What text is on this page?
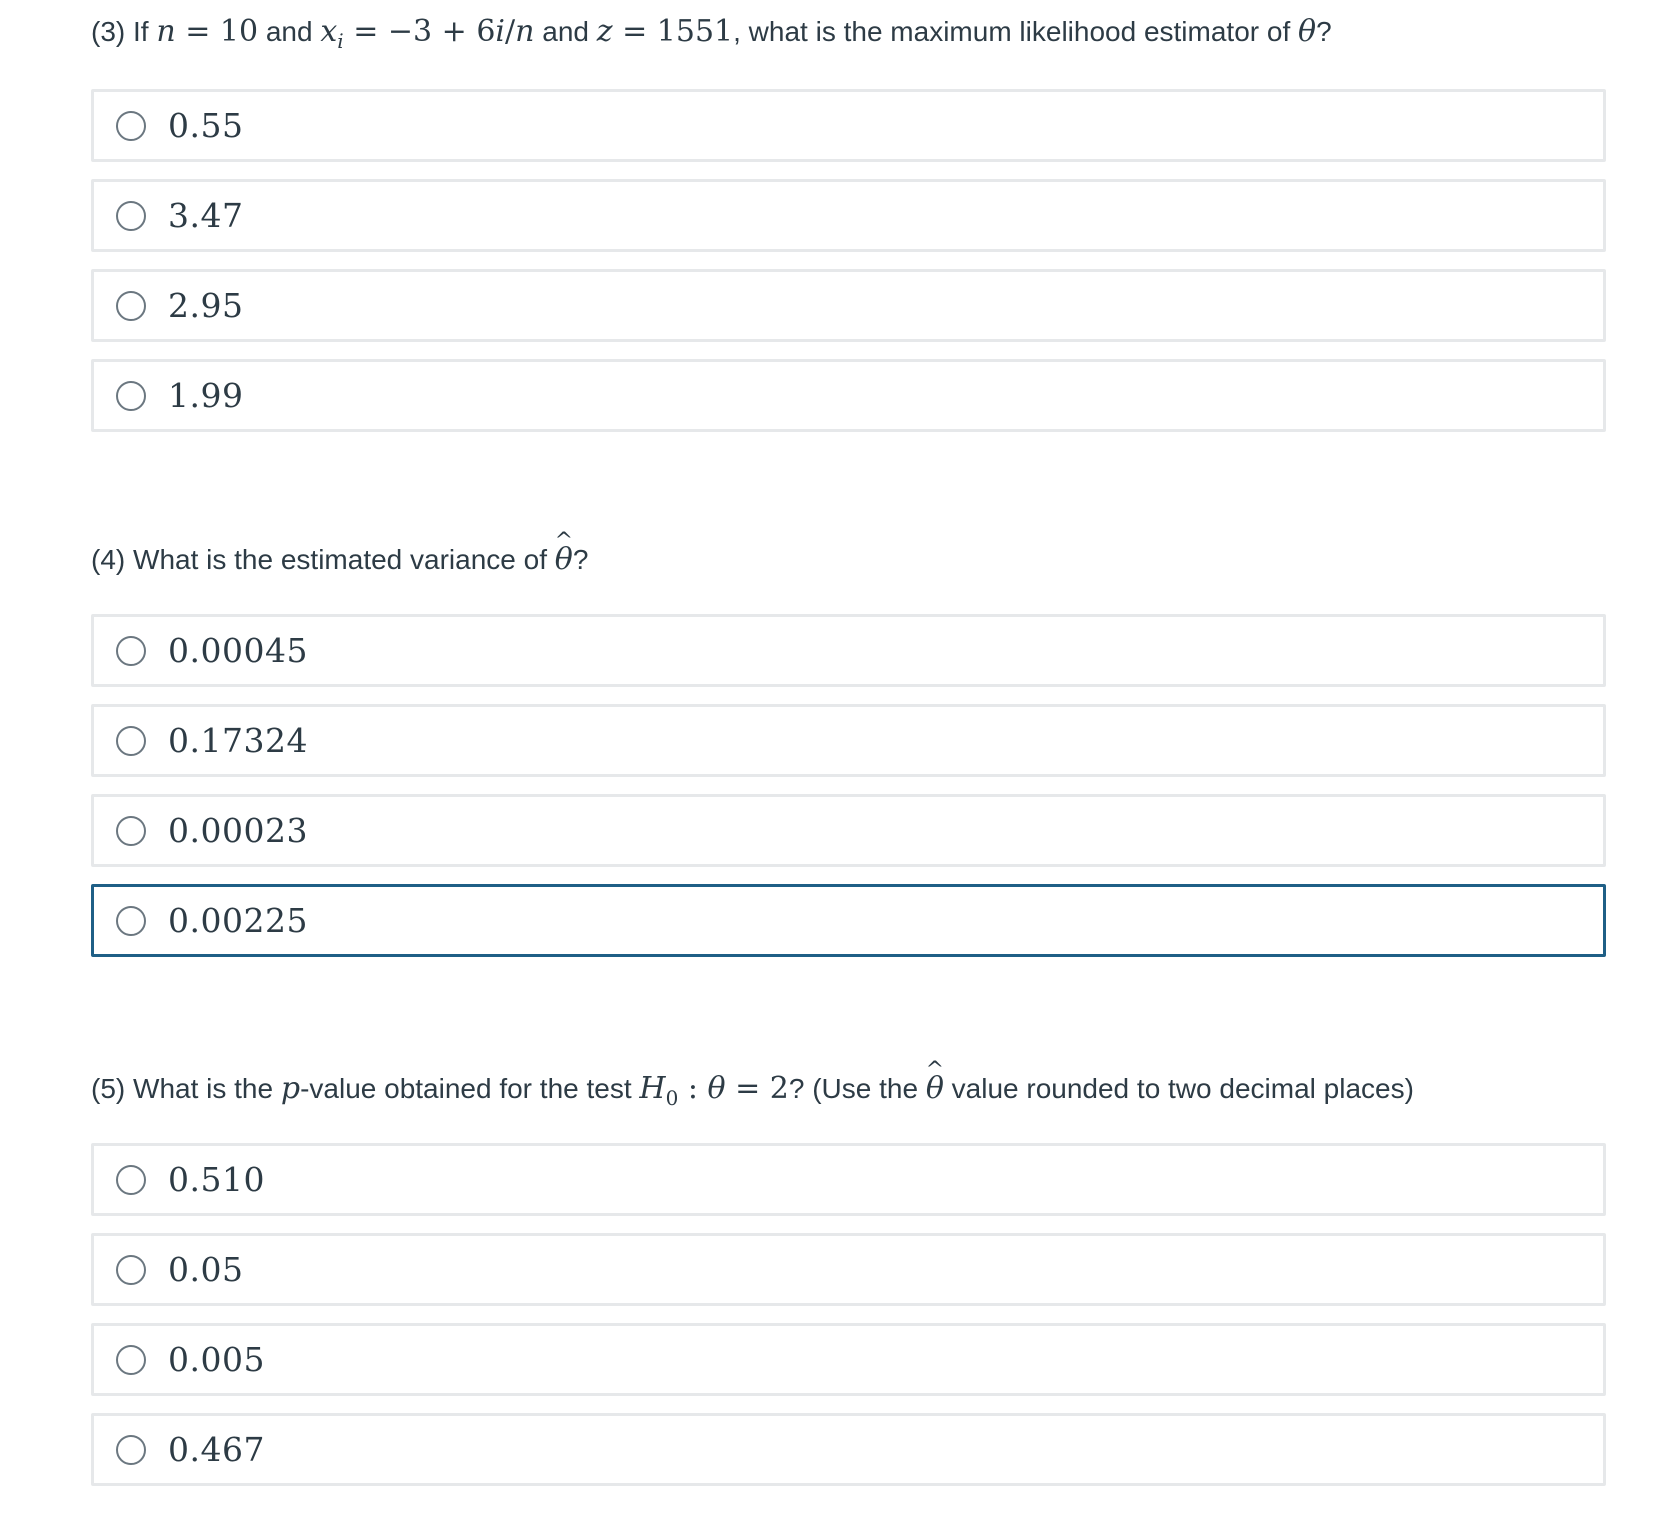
(3) If n = 10 and $x_i = -3 + 6i/n$ and z = 1551, what is the maximum likelihood estimator of θ?

0.55
3.47
2.95
1.99

(4) What is the estimated variance of ^ θ?

0.00045
0.17324
0.00023
0.00225

(5) What is the p-value obtained for the test $H_0$ : θ = 2? (Use the ^ θ value rounded to two decimal places)

0.510
0.05
0.005
0.467
